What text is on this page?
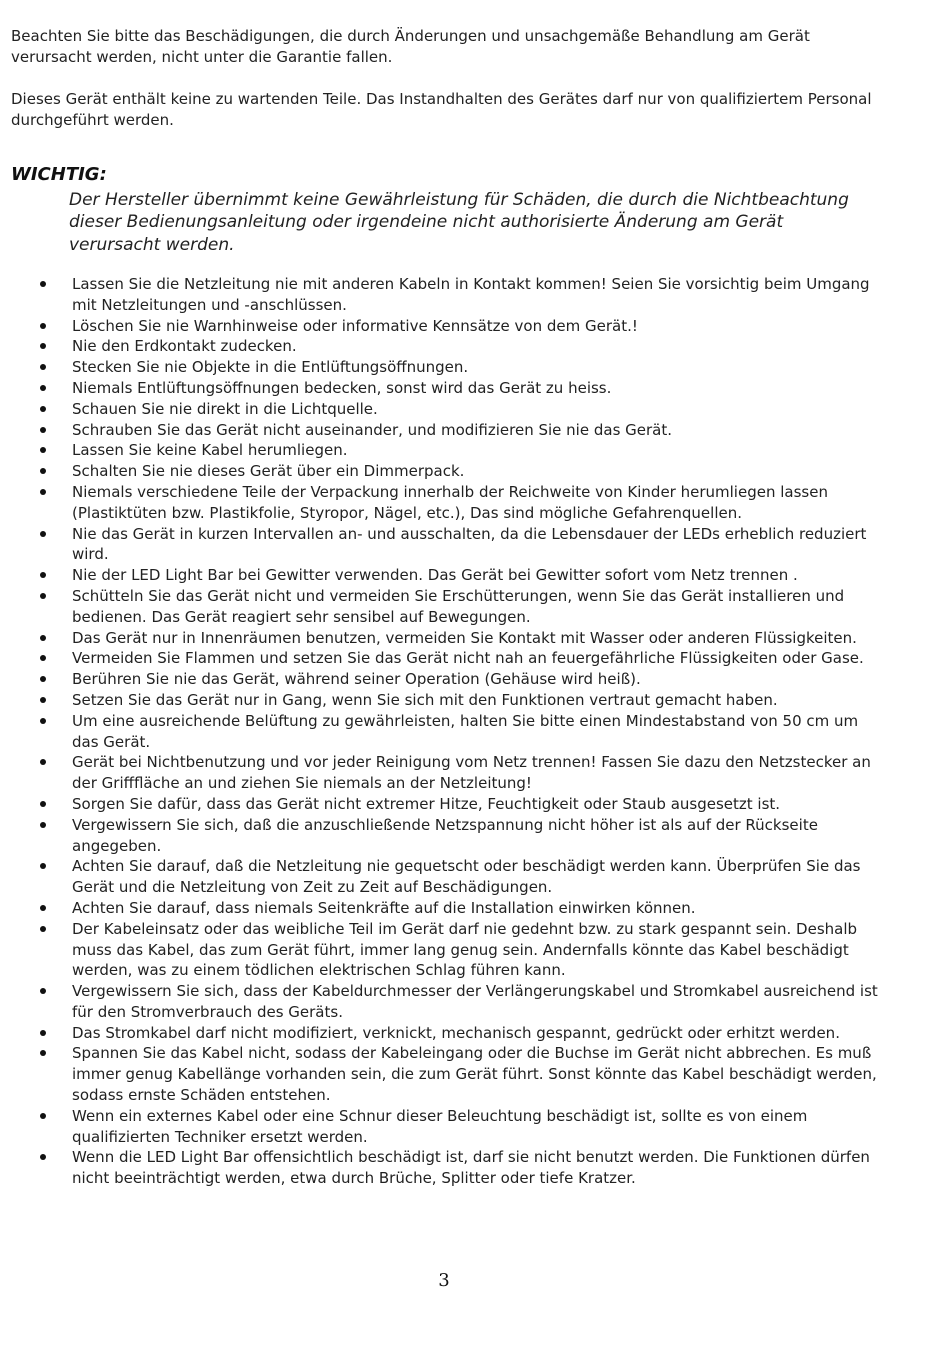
Beachten Sie bitte das Beschädigungen, die durch Änderungen und unsachgemäße Behandlung am Gerät verursacht werden, nicht unter die Garantie fallen.

Dieses Gerät enthält keine zu wartenden Teile. Das Instandhalten des Gerätes darf nur von qualifiziertem Personal durchgeführt werden.

WICHTIG:
Der Hersteller übernimmt keine Gewährleistung für Schäden, die durch die Nichtbeachtung dieser Bedienungsanleitung oder irgendeine nicht authorisierte Änderung am Gerät verursacht werden.
Lassen Sie die Netzleitung nie mit anderen Kabeln in Kontakt kommen! Seien Sie vorsichtig beim Umgang mit Netzleitungen und -anschlüssen.
Löschen Sie nie Warnhinweise oder informative Kennsätze von dem Gerät.!
Nie den Erdkontakt zudecken.
Stecken Sie nie Objekte in die Entlüftungsöffnungen.
Niemals Entlüftungsöffnungen bedecken, sonst wird das Gerät zu heiss.
Schauen Sie nie direkt in die Lichtquelle.
Schrauben Sie das Gerät nicht auseinander, und modifizieren Sie nie das Gerät.
Lassen Sie keine Kabel herumliegen.
Schalten Sie nie dieses Gerät über ein Dimmerpack.
Niemals verschiedene Teile der Verpackung innerhalb der Reichweite von Kinder herumliegen lassen (Plastiktüten bzw. Plastikfolie, Styropor, Nägel, etc.), Das sind mögliche Gefahrenquellen.
Nie das Gerät in kurzen Intervallen an- und ausschalten, da die Lebensdauer der LEDs erheblich reduziert wird.
Nie der LED Light Bar bei Gewitter verwenden. Das Gerät bei Gewitter sofort vom Netz trennen .
Schütteln Sie das Gerät nicht und vermeiden Sie Erschütterungen, wenn Sie das Gerät installieren und bedienen. Das Gerät reagiert sehr sensibel auf Bewegungen.
Das Gerät nur in Innenräumen benutzen, vermeiden Sie Kontakt mit Wasser oder anderen Flüssigkeiten.
Vermeiden Sie Flammen und setzen Sie das Gerät nicht nah an feuergefährliche Flüssigkeiten oder Gase.
Berühren Sie nie das Gerät, während seiner Operation (Gehäuse wird heiß).
Setzen Sie das Gerät nur in Gang, wenn Sie sich mit den Funktionen vertraut gemacht haben.
Um eine ausreichende Belüftung zu gewährleisten, halten Sie bitte einen Mindestabstand von 50 cm um das Gerät.
Gerät bei Nichtbenutzung und vor jeder Reinigung vom Netz trennen! Fassen Sie dazu den Netzstecker an der Grifffläche an und ziehen Sie niemals an der Netzleitung!
Sorgen Sie dafür, dass das Gerät nicht extremer Hitze, Feuchtigkeit oder Staub ausgesetzt ist.
Vergewissern Sie sich, daß die anzuschließende Netzspannung nicht höher ist als auf der Rückseite angegeben.
Achten Sie darauf, daß die Netzleitung nie gequetscht oder beschädigt werden kann. Überprüfen Sie das Gerät und die Netzleitung von Zeit zu Zeit auf Beschädigungen.
Achten Sie darauf, dass niemals Seitenkräfte auf die Installation einwirken können.
Der Kabeleinsatz oder das weibliche Teil im Gerät darf nie gedehnt bzw. zu stark gespannt sein. Deshalb muss das Kabel, das zum Gerät führt, immer lang genug sein. Andernfalls könnte das Kabel beschädigt werden, was zu einem tödlichen elektrischen Schlag führen kann.
Vergewissern Sie sich, dass der Kabeldurchmesser der Verlängerungskabel und Stromkabel ausreichend ist für den Stromverbrauch des Geräts.
Das Stromkabel darf nicht modifiziert, verknickt, mechanisch gespannt, gedrückt oder erhitzt werden.
Spannen Sie das Kabel nicht, sodass der Kabeleingang oder die Buchse im Gerät nicht abbrechen. Es muß immer genug Kabellänge vorhanden sein, die zum Gerät führt. Sonst könnte das Kabel beschädigt werden, sodass ernste Schäden entstehen.
Wenn ein externes Kabel oder eine Schnur dieser Beleuchtung beschädigt ist, sollte es von einem qualifizierten Techniker ersetzt werden.
Wenn die LED Light Bar offensichtlich beschädigt ist, darf sie nicht benutzt werden. Die Funktionen dürfen nicht beeinträchtigt werden, etwa durch Brüche, Splitter oder tiefe Kratzer.
3
